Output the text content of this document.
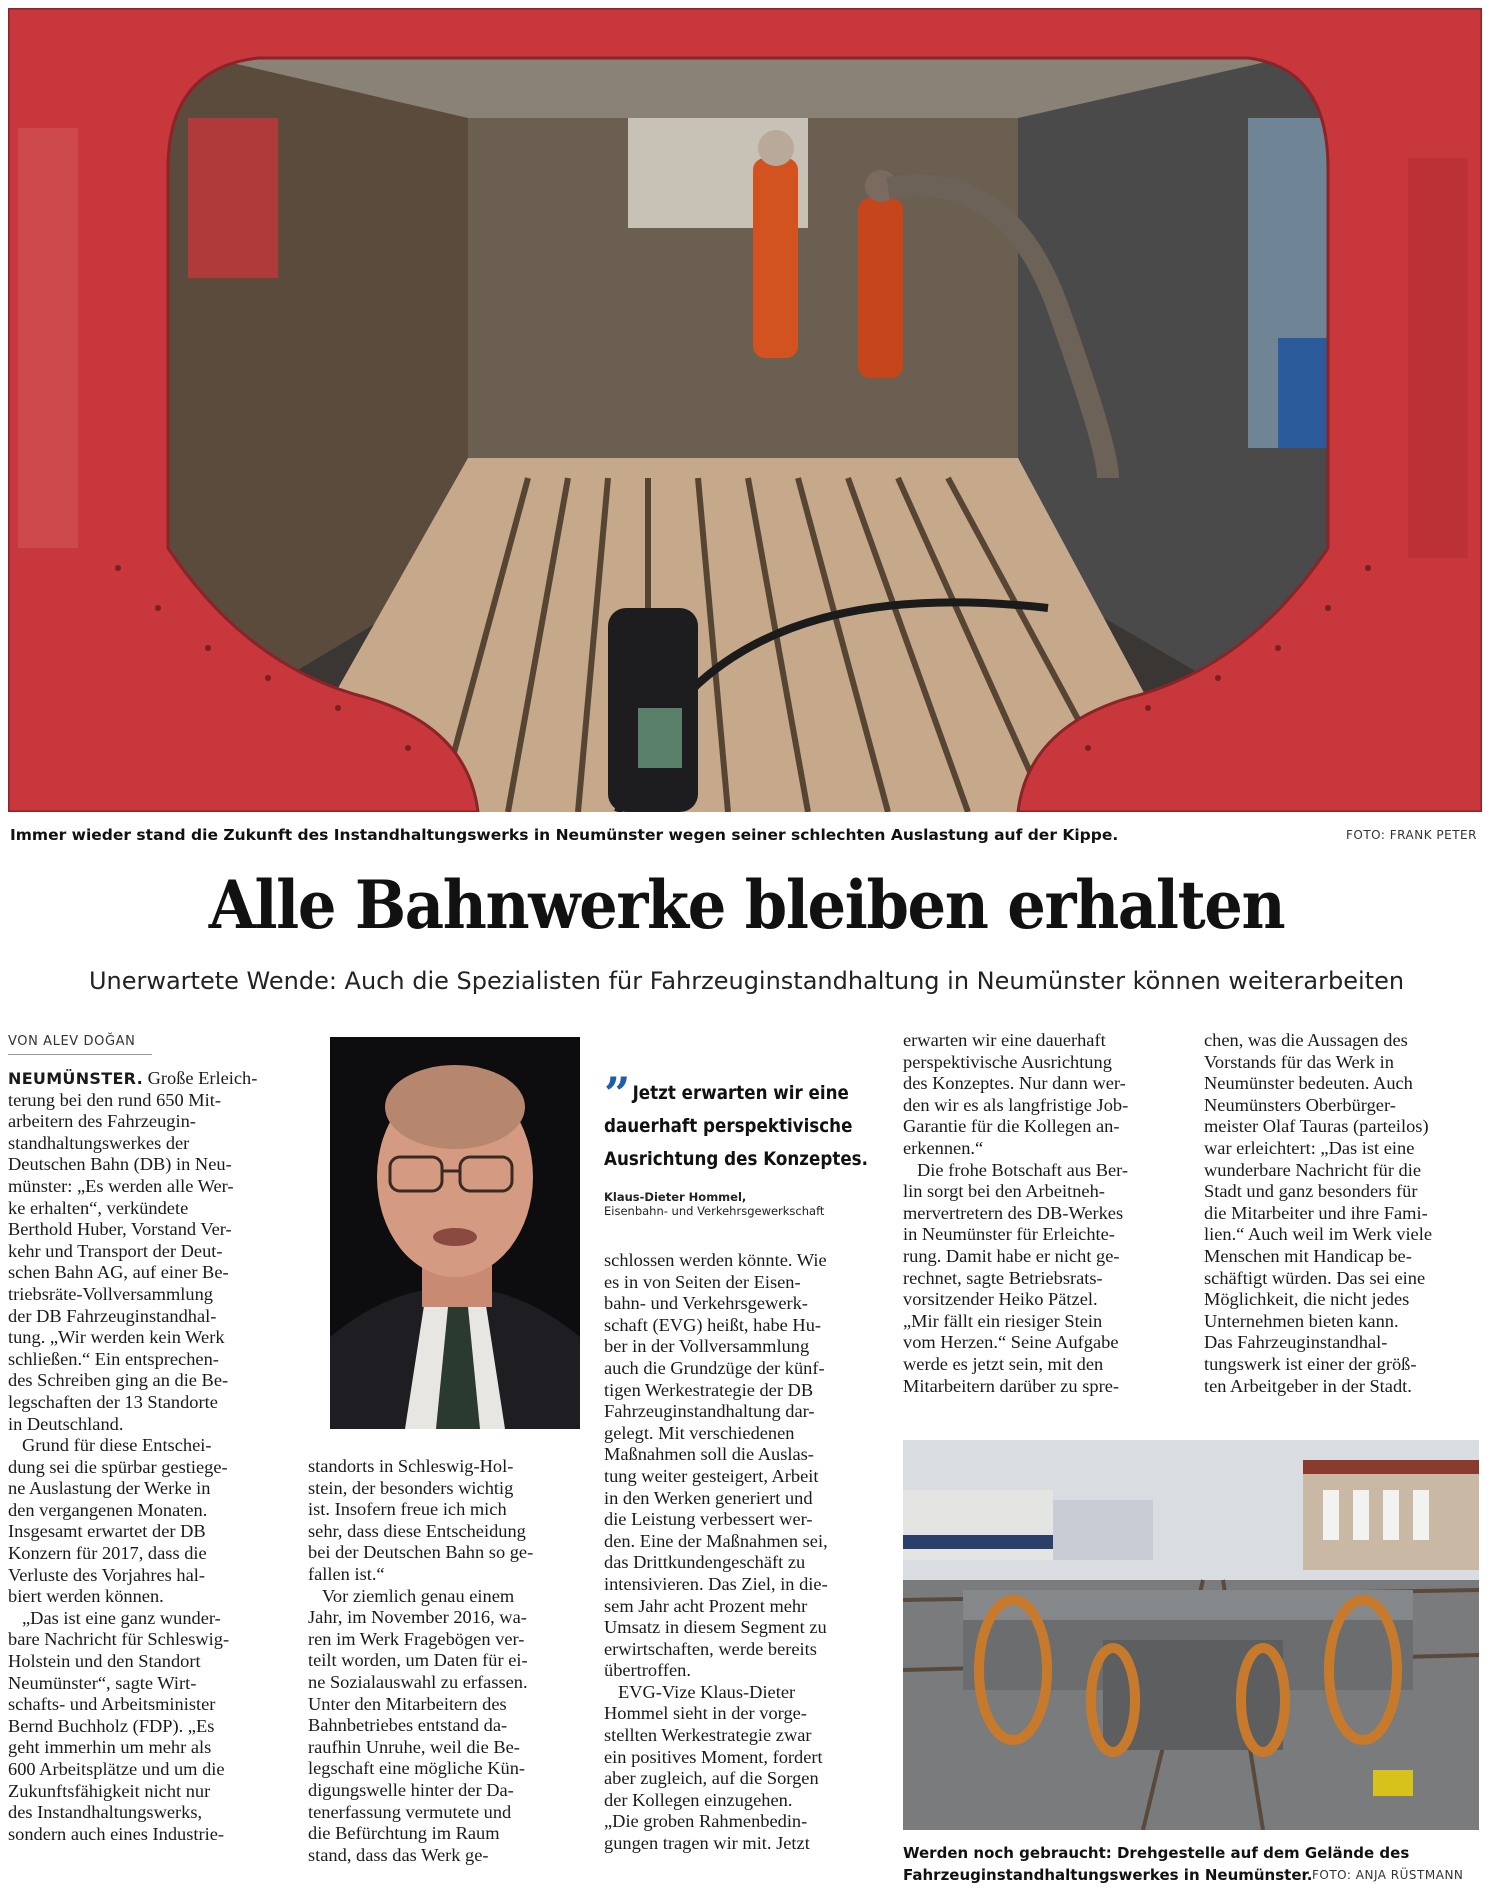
Immer wieder stand die Zukunft des Instandhaltungswerks in Neumünster wegen seiner schlechten Auslastung auf der Kippe.	FOTO: FRANK PETER
Alle Bahnwerke bleiben erhalten
Unerwartete Wende: Auch die Spezialisten für Fahrzeuginstandhaltung in Neumünster können weiterarbeiten
VON ALEV DOĞAN

NEUMÜNSTER. Große Erleich-
terung bei den rund 650 Mit-
arbeitern des Fahrzeugin-
standhaltungswerkes der
Deutschen Bahn (DB) in Neu-
münster: „Es werden alle Wer-
ke erhalten“, verkündete
Berthold Huber, Vorstand Ver-
kehr und Transport der Deut-
schen Bahn AG, auf einer Be-
triebsräte-Vollversammlung
der DB Fahrzeuginstandhal-
tung. „Wir werden kein Werk
schließen.“ Ein entsprechen-
des Schreiben ging an die Be-
legschaften der 13 Standorte
in Deutschland.

Grund für diese Entschei-
dung sei die spürbar gestiege-
ne Auslastung der Werke in
den vergangenen Monaten.
Insgesamt erwartet der DB
Konzern für 2017, dass die
Verluste des Vorjahres hal-
biert werden können.

„Das ist eine ganz wunder-
bare Nachricht für Schleswig-
Holstein und den Standort
Neumünster“, sagte Wirt-
schafts- und Arbeitsminister
Bernd Buchholz (FDP). „Es
geht immerhin um mehr als
600 Arbeitsplätze und um die
Zukunftsfähigkeit nicht nur
des Instandhaltungswerks,
sondern auch eines Industrie-

standorts in Schleswig-Hol-
stein, der besonders wichtig
ist. Insofern freue ich mich
sehr, dass diese Entscheidung
bei der Deutschen Bahn so ge-
fallen ist.“

Vor ziemlich genau einem
Jahr, im November 2016, wa-
ren im Werk Fragebögen ver-
teilt worden, um Daten für ei-
ne Sozialauswahl zu erfassen.
Unter den Mitarbeitern des
Bahnbetriebes entstand da-
raufhin Unruhe, weil die Be-
legschaft eine mögliche Kün-
digungswelle hinter der Da-
tenerfassung vermutete und
die Befürchtung im Raum
stand, dass das Werk ge-

” Jetzt erwarten wir eine dauerhaft perspektivische Ausrichtung des Konzeptes.
Klaus-Dieter Hommel,
Eisenbahn- und Verkehrsgewerkschaft

schlossen werden könnte. Wie
es in von Seiten der Eisen-
bahn- und Verkehrsgewerk-
schaft (EVG) heißt, habe Hu-
ber in der Vollversammlung
auch die Grundzüge der künf-
tigen Werkestrategie der DB
Fahrzeuginstandhaltung dar-
gelegt. Mit verschiedenen
Maßnahmen soll die Auslas-
tung weiter gesteigert, Arbeit
in den Werken generiert und
die Leistung verbessert wer-
den. Eine der Maßnahmen sei,
das Drittkundengeschäft zu
intensivieren. Das Ziel, in die-
sem Jahr acht Prozent mehr
Umsatz in diesem Segment zu
erwirtschaften, werde bereits
übertroffen.

EVG-Vize Klaus-Dieter
Hommel sieht in der vorge-
stellten Werkestrategie zwar
ein positives Moment, fordert
aber zugleich, auf die Sorgen
der Kollegen einzugehen.
„Die groben Rahmenbedin-
gungen tragen wir mit. Jetzt

erwarten wir eine dauerhaft
perspektivische Ausrichtung
des Konzeptes. Nur dann wer-
den wir es als langfristige Job-
Garantie für die Kollegen an-
erkennen.“

Die frohe Botschaft aus Ber-
lin sorgt bei den Arbeitneh-
mervertretern des DB-Werkes
in Neumünster für Erleichte-
rung. Damit habe er nicht ge-
rechnet, sagte Betriebsrats-
vorsitzender Heiko Pätzel.
„Mir fällt ein riesiger Stein
vom Herzen.“ Seine Aufgabe
werde es jetzt sein, mit den
Mitarbeitern darüber zu spre-

chen, was die Aussagen des
Vorstands für das Werk in
Neumünster bedeuten. Auch
Neumünsters Oberbürger-
meister Olaf Tauras (parteilos)
war erleichtert: „Das ist eine
wunderbare Nachricht für die
Stadt und ganz besonders für
die Mitarbeiter und ihre Fami-
lien.“ Auch weil im Werk viele
Menschen mit Handicap be-
schäftigt würden. Das sei eine
Möglichkeit, die nicht jedes
Unternehmen bieten kann.
Das Fahrzeuginstandhal-
tungswerk ist einer der größ-
ten Arbeitgeber in der Stadt.

Werden noch gebraucht: Drehgestelle auf dem Gelände des Fahrzeuginstandhaltungswerkes in Neumünster. FOTO: ANJA RÜSTMANN
